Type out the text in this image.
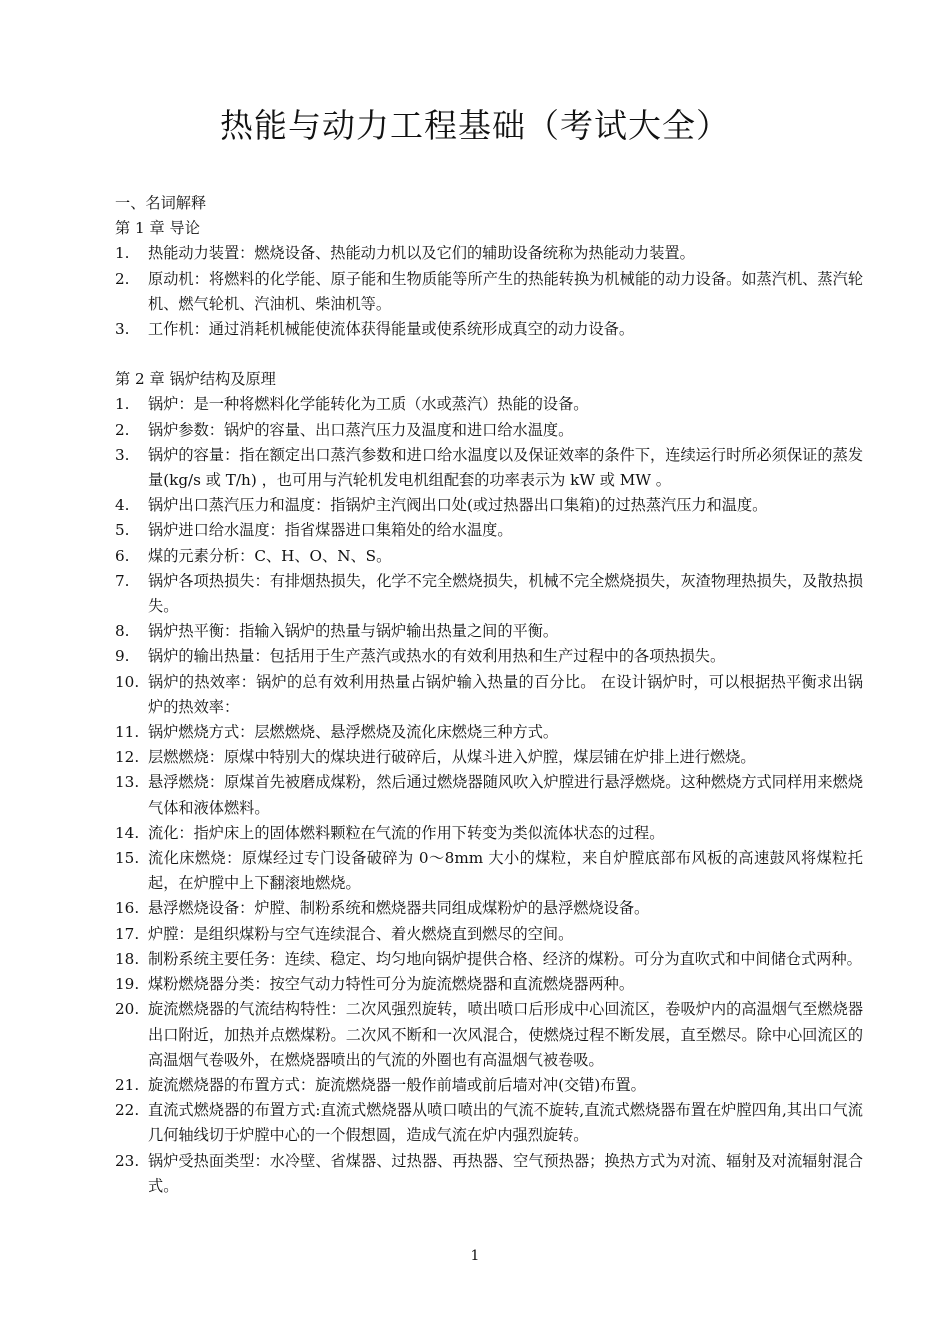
热能与动力工程基础（考试大全）
一、名词解释
第 1 章 导论
1.	热能动力装置：燃烧设备、热能动力机以及它们的辅助设备统称为热能动力装置。
2.	原动机：将燃料的化学能、原子能和生物质能等所产生的热能转换为机械能的动力设备。如蒸汽机、蒸汽轮机、燃气轮机、汽油机、柴油机等。
3.	工作机：通过消耗机械能使流体获得能量或使系统形成真空的动力设备。
第 2 章 锅炉结构及原理
1.	锅炉：是一种将燃料化学能转化为工质（水或蒸汽）热能的设备。
2.	锅炉参数：锅炉的容量、出口蒸汽压力及温度和进口给水温度。
3.	锅炉的容量：指在额定出口蒸汽参数和进口给水温度以及保证效率的条件下，连续运行时所必须保证的蒸发量(kg/s 或 T/h) ，也可用与汽轮机发电机组配套的功率表示为 kW 或 MW 。
4.	锅炉出口蒸汽压力和温度：指锅炉主汽阀出口处(或过热器出口集箱)的过热蒸汽压力和温度。
5.	锅炉进口给水温度：指省煤器进口集箱处的给水温度。
6.	煤的元素分析：C、H、O、N、S。
7.	锅炉各项热损失：有排烟热损失，化学不完全燃烧损失，机械不完全燃烧损失，灰渣物理热损失，及散热损失。
8.	锅炉热平衡：指输入锅炉的热量与锅炉输出热量之间的平衡。
9.	锅炉的输出热量：包括用于生产蒸汽或热水的有效利用热和生产过程中的各项热损失。
10. 锅炉的热效率：锅炉的总有效利用热量占锅炉输入热量的百分比。 在设计锅炉时，可以根据热平衡求出锅炉的热效率：
11. 锅炉燃烧方式：层燃燃烧、悬浮燃烧及流化床燃烧三种方式。
12. 层燃燃烧：原煤中特别大的煤块进行破碎后，从煤斗进入炉膛，煤层铺在炉排上进行燃烧。
13. 悬浮燃烧：原煤首先被磨成煤粉，然后通过燃烧器随风吹入炉膛进行悬浮燃烧。这种燃烧方式同样用来燃烧气体和液体燃料。
14. 流化：指炉床上的固体燃料颗粒在气流的作用下转变为类似流体状态的过程。
15. 流化床燃烧：原煤经过专门设备破碎为 0～8mm 大小的煤粒，来自炉膛底部布风板的高速鼓风将煤粒托起，在炉膛中上下翻滚地燃烧。
16. 悬浮燃烧设备：炉膛、制粉系统和燃烧器共同组成煤粉炉的悬浮燃烧设备。
17. 炉膛：是组织煤粉与空气连续混合、着火燃烧直到燃尽的空间。
18. 制粉系统主要任务：连续、稳定、均匀地向锅炉提供合格、经济的煤粉。可分为直吹式和中间储仓式两种。
19. 煤粉燃烧器分类：按空气动力特性可分为旋流燃烧器和直流燃烧器两种。
20. 旋流燃烧器的气流结构特性：二次风强烈旋转，喷出喷口后形成中心回流区，卷吸炉内的高温烟气至燃烧器出口附近，加热并点燃煤粉。二次风不断和一次风混合，使燃烧过程不断发展，直至燃尽。除中心回流区的高温烟气卷吸外，在燃烧器喷出的气流的外圈也有高温烟气被卷吸。
21. 旋流燃烧器的布置方式：旋流燃烧器一般作前墙或前后墙对冲(交错)布置。
22. 直流式燃烧器的布置方式:直流式燃烧器从喷口喷出的气流不旋转,直流式燃烧器布置在炉膛四角,其出口气流几何轴线切于炉膛中心的一个假想圆，造成气流在炉内强烈旋转。
23. 锅炉受热面类型：水冷壁、省煤器、过热器、再热器、空气预热器；换热方式为对流、辐射及对流辐射混合式。
1
